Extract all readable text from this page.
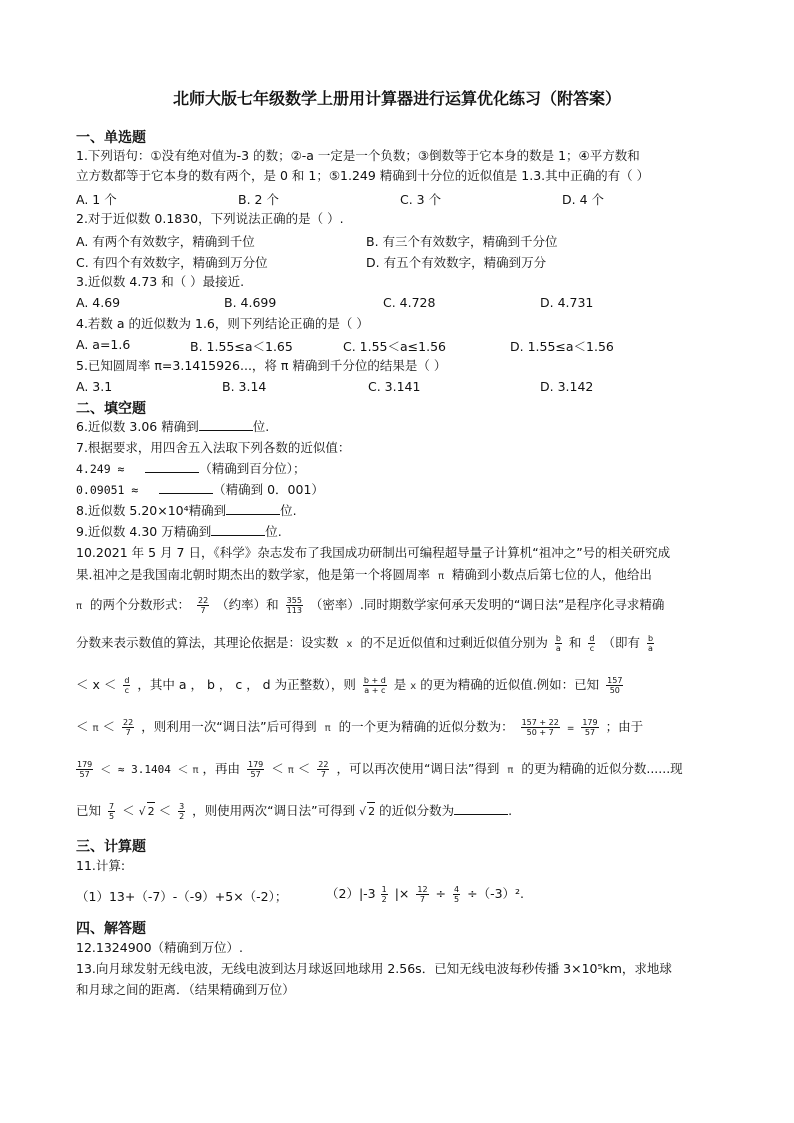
北师大版七年级数学上册用计算器进行运算优化练习（附答案）
一、单选题
1.下列语句：①没有绝对值为-3 的数；②-a 一定是一个负数；③倒数等于它本身的数是 1；④平方数和
立方数都等于它本身的数有两个，是 0 和 1；⑤1.249 精确到十分位的近似值是 1.3.其中正确的有（ ）
A. 1 个	B. 2 个	C. 3 个	D. 4 个
2.对于近似数 0.1830，下列说法正确的是（ ）.
A. 有两个有效数字，精确到千位	B. 有三个有效数字，精确到千分位
C. 有四个有效数字，精确到万分位	D. 有五个有效数字，精确到万分
3.近似数 4.73 和（ ）最接近.
A. 4.69	B. 4.699	C. 4.728	D. 4.731
4.若数 a 的近似数为 1.6，则下列结论正确的是（ ）
A. a=1.6	B. 1.55≤a＜1.65	C. 1.55＜a≤1.56	D. 1.55≤a＜1.56
5.已知圆周率 π=3.1415926...，将 π 精确到千分位的结果是（ ）
A. 3.1	B. 3.14	C. 3.141	D. 3.142
二、填空题
6.近似数 3.06 精确到	位.
7.根据要求，用四舍五入法取下列各数的近似值：
4.249 ≈	（精确到百分位）；
0.09051 ≈	（精确到 0．001）
8.近似数 5.20×10⁴精确到	位.
9.近似数 4.30 万精确到	位.
10.2021 年 5 月 7 日，《科学》杂志发布了我国成功研制出可编程超导量子计算机“祖冲之”号的相关研究成
果.祖冲之是我国南北朝时期杰出的数学家，他是第一个将圆周率 π 精确到小数点后第七位的人，他给出
π 的两个分数形式： $\frac{22}{7}$ （约率）和 $\frac{355}{113}$ （密率）.同时期数学家何承天发明的“调日法”是程序化寻求精确
分数来表示数值的算法，其理论依据是：设实数 x 的不足近似值和过剩近似值分别为 $\frac{b}{a}$ 和 $\frac{d}{c}$ （即有 $\frac{b}{a}$
＜ $x < \frac{d}{c}$ ，其中 a ， b ， c ， d 为正整数），则 $\frac{b + d}{a + c}$ 是 x 的更为精确的近似值.例如：已知 $\frac{157}{50}$
＜ $\pi < \frac{22}{7}$ ，则利用一次“调日法”后可得到 π 的一个更为精确的近似分数为： $\frac{157 + 22}{50 + 7} = \frac{179}{57}$ ；由于
$\frac{179}{57}$ ＜ ≈ 3.1404 ＜ π ，再由 $\frac{179}{57} < \pi < \frac{22}{7}$ ，可以再次使用“调日法”得到 π 的更为精确的近似分数......现
已知 $\frac{7}{5}$ ＜ √ $2 < \frac{3}{2}$ ，则使用两次“调日法”可得到 √ 2 的近似分数为	.
三、计算题
11.计算:
（1）13+（-7）-（-9）+5×（-2）；	$(2)|-3 \frac{1}{2}$ |× $\frac{12}{7} \div \frac{4}{5} \div(-3)^2$.
四、解答题
12.1324900（精确到万位）.
13.向月球发射无线电波，无线电波到达月球返回地球用 2.56s．已知无线电波每秒传播 3×10⁵km，求地球
和月球之间的距离．（结果精确到万位）
